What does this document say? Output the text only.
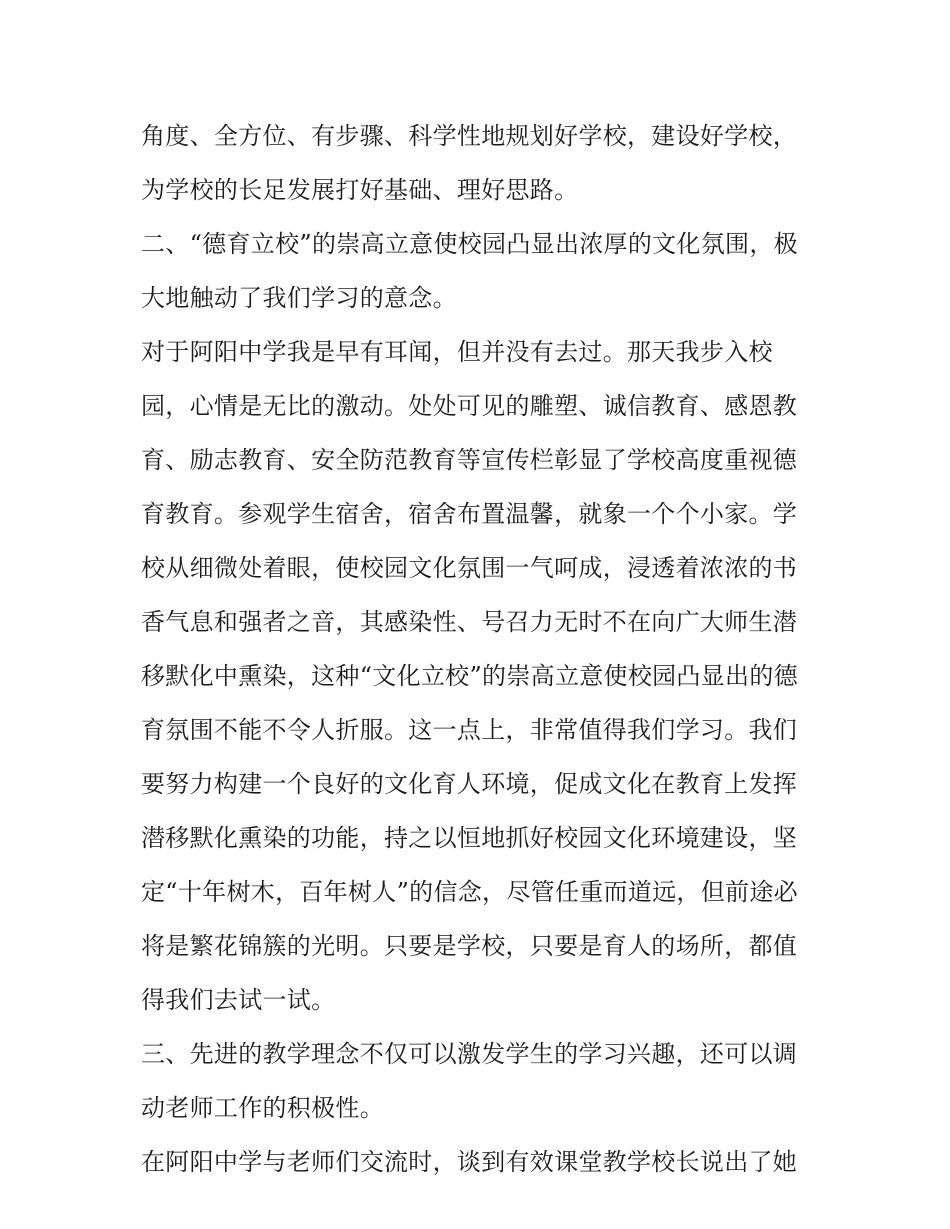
角度、全方位、有步骤、科学性地规划好学校，建设好学校，
为学校的长足发展打好基础、理好思路。
二、“德育立校”的崇高立意使校园凸显出浓厚的文化氛围，极
大地触动了我们学习的意念。
对于阿阳中学我是早有耳闻，但并没有去过。那天我步入校
园，心情是无比的激动。处处可见的雕塑、诚信教育、感恩教
育、励志教育、安全防范教育等宣传栏彰显了学校高度重视德
育教育。参观学生宿舍，宿舍布置温馨，就象一个个小家。学
校从细微处着眼，使校园文化氛围一气呵成，浸透着浓浓的书
香气息和强者之音，其感染性、号召力无时不在向广大师生潜
移默化中熏染，这种“文化立校”的崇高立意使校园凸显出的德
育氛围不能不令人折服。这一点上，非常值得我们学习。我们
要努力构建一个良好的文化育人环境，促成文化在教育上发挥
潜移默化熏染的功能，持之以恒地抓好校园文化环境建设，坚
定“十年树木，百年树人”的信念，尽管任重而道远，但前途必
将是繁花锦簇的光明。只要是学校，只要是育人的场所，都值
得我们去试一试。
三、先进的教学理念不仅可以激发学生的学习兴趣，还可以调
动老师工作的积极性。
在阿阳中学与老师们交流时，谈到有效课堂教学校长说出了她
